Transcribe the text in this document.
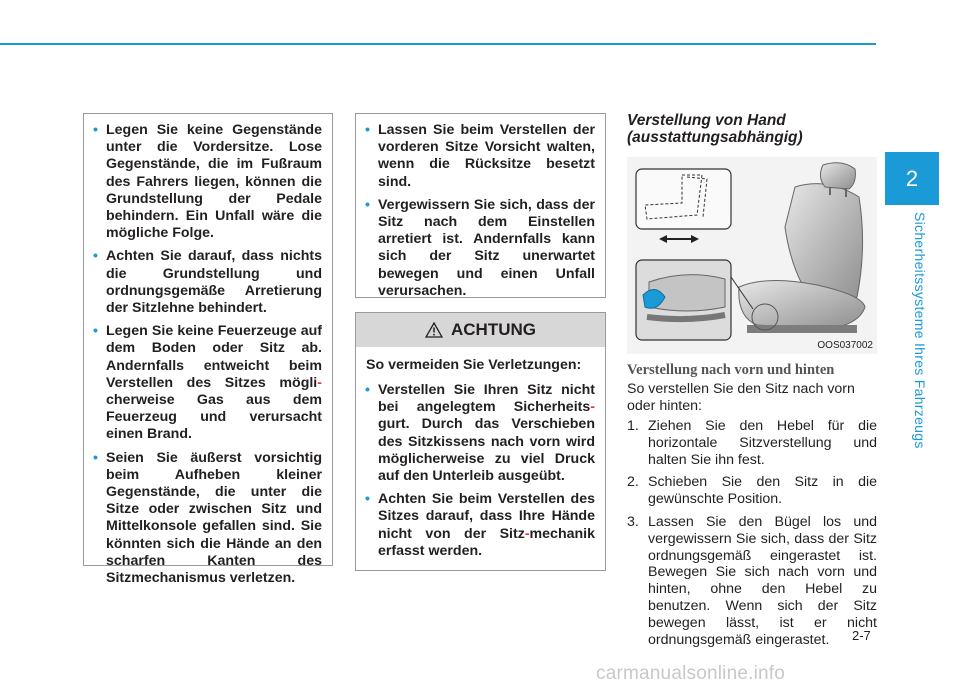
2
Sicherheitssysteme Ihres Fahrzeugs
• Legen Sie keine Gegenstände unter die Vordersitze. Lose Gegenstände, die im Fußraum des Fahrers liegen, können die Grundstellung der Pedale behindern. Ein Unfall wäre die mögliche Folge.
• Achten Sie darauf, dass nichts die Grundstellung und ordnungsgemäße Arretierung der Sitzlehne behindert.
• Legen Sie keine Feuerzeuge auf dem Boden oder Sitz ab. Andernfalls entweicht beim Verstellen des Sitzes mögli-cherweise Gas aus dem Feuerzeug und verursacht einen Brand.
• Seien Sie äußerst vorsichtig beim Aufheben kleiner Gegenstände, die unter die Sitze oder zwischen Sitz und Mittelkonsole gefallen sind. Sie könnten sich die Hände an den scharfen Kanten des Sitzmechanismus verletzen.
• Lassen Sie beim Verstellen der vorderen Sitze Vorsicht walten, wenn die Rücksitze besetzt sind.
• Vergewissern Sie sich, dass der Sitz nach dem Einstellen arretiert ist. Andernfalls kann sich der Sitz unerwartet bewegen und einen Unfall verursachen.
ACHTUNG
So vermeiden Sie Verletzungen:
• Verstellen Sie Ihren Sitz nicht bei angelegtem Sicherheits-gurt. Durch das Verschieben des Sitzkissens nach vorn wird möglicherweise zu viel Druck auf den Unterleib ausgeübt.
• Achten Sie beim Verstellen des Sitzes darauf, dass Ihre Hände nicht von der Sitz-mechanik erfasst werden.
Verstellung von Hand
(ausstattungsabhängig)
OOS037002
Verstellung nach vorn und hinten
So verstellen Sie den Sitz nach vorn oder hinten:
1. Ziehen Sie den Hebel für die horizontale Sitzverstellung und halten Sie ihn fest.
2. Schieben Sie den Sitz in die gewünschte Position.
3. Lassen Sie den Bügel los und vergewissern Sie sich, dass der Sitz ordnungsgemäß eingerastet ist. Bewegen Sie sich nach vorn und hinten, ohne den Hebel zu benutzen. Wenn sich der Sitz bewegen lässt, ist er nicht ordnungsgemäß eingerastet.	2-7
carmanualsonline.info
